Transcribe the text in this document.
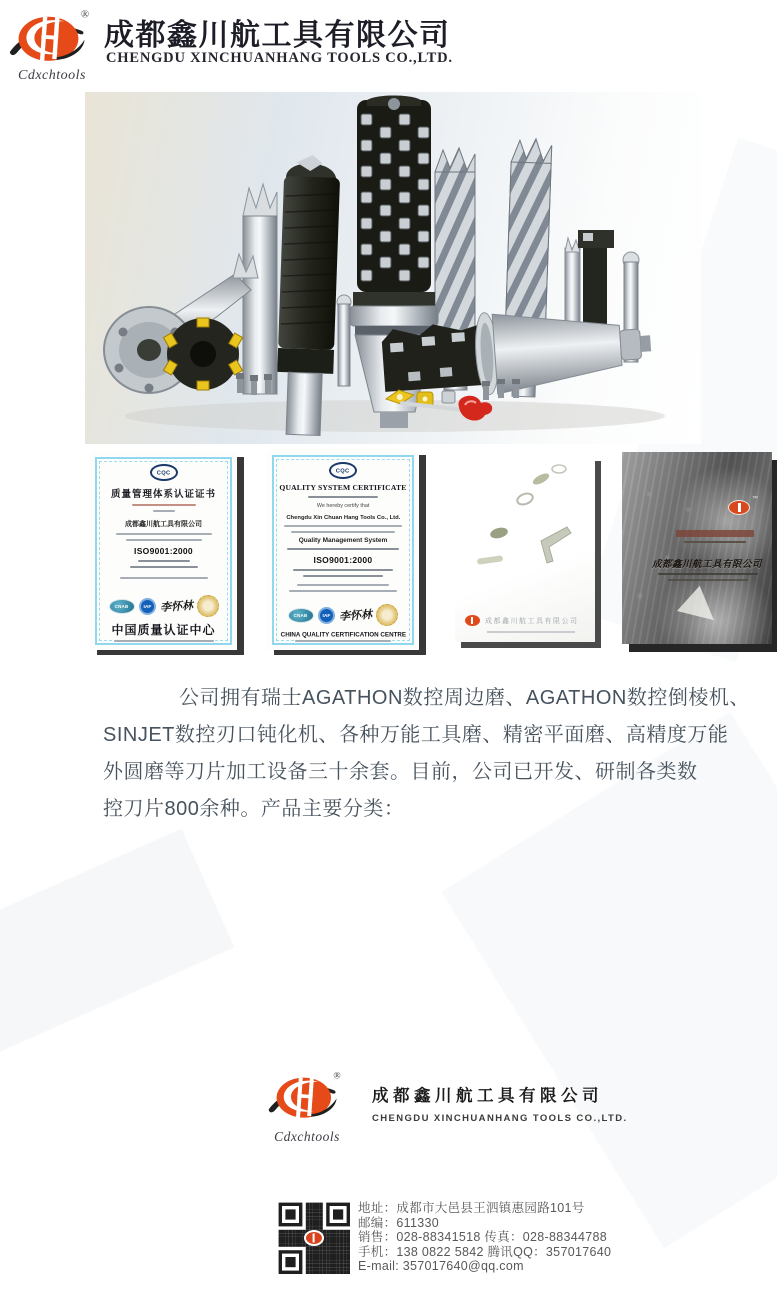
Cdxchtools
成都鑫川航工具有限公司
CHENGDU XINCHUANHANG TOOLS CO.,LTD.
CQC
质量管理体系认证证书
成都鑫川航工具有限公司
ISO9001:2000
CNAB IAF 李怀林
中国质量认证中心
CQC
QUALITY SYSTEM CERTIFICATE
We hereby certify that
Chengdu Xin Chuan Hang Tools Co., Ltd.
Quality Management System
ISO9001:2000
CNAB IAF 李怀林
CHINA QUALITY CERTIFICATION CENTRE
成都鑫川航工具有限公司
™
成都鑫川航工具有限公司
公司拥有瑞士AGATHON数控周边磨、AGATHON数控倒棱机、
SINJET数控刃口钝化机、各种万能工具磨、精密平面磨、高精度万能
外圆磨等刀片加工设备三十余套。目前，公司已开发、研制各类数
控刀片800余种。产品主要分类：
Cdxchtools
成都鑫川航工具有限公司
CHENGDU XINCHUANHANG TOOLS CO.,LTD.
地址：成都市大邑县王泗镇惠园路101号
邮编：611330
销售：028-88341518 传真：028-88344788
手机：138 0822 5842 腾讯QQ：357017640
E-mail: 357017640@qq.com
